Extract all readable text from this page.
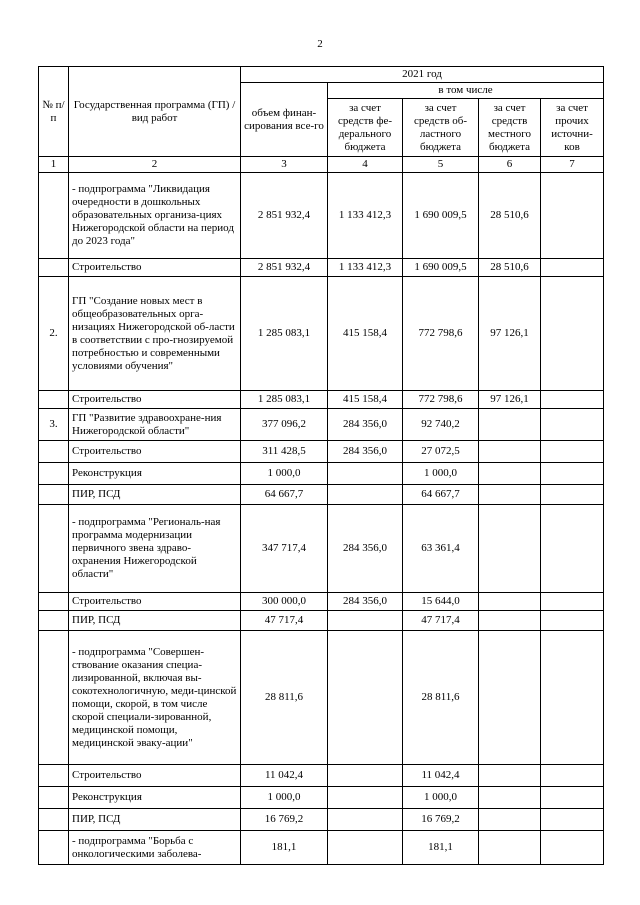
2
№ п/п	Государственная программа (ГП) / вид работ	2021 год				
		объем финан-сирования все-го	в том числе			
			за счет средств фе-дерального бюджета	за счет средств об-ластного бюджета	за счет средств местного бюджета	за счет прочих источни-ков
1	2	3	4	5	6	7
	- подпрограмма "Ликвидация очередности в дошкольных образовательных организа-циях Нижегородской области на период до 2023 года"	2 851 932,4	1 133 412,3	1 690 009,5	28 510,6	
	Строительство	2 851 932,4	1 133 412,3	1 690 009,5	28 510,6	
2.	ГП "Создание новых мест в общеобразовательных орга-низациях Нижегородской об-ласти в соответствии с про-гнозируемой потребностью и современными условиями обучения"	1 285 083,1	415 158,4	772 798,6	97 126,1	
	Строительство	1 285 083,1	415 158,4	772 798,6	97 126,1	
3.	ГП "Развитие здравоохране-ния Нижегородской области"	377 096,2	284 356,0	92 740,2		
	Строительство	311 428,5	284 356,0	27 072,5		
	Реконструкция	1 000,0		1 000,0		
	ПИР, ПСД	64 667,7		64 667,7		
	- подпрограмма "Региональ-ная программа модернизации первичного звена здраво-охранения Нижегородской области"	347 717,4	284 356,0	63 361,4		
	Строительство	300 000,0	284 356,0	15 644,0		
	ПИР, ПСД	47 717,4		47 717,4		
	- подпрограмма "Совершен-ствование оказания специа-лизированной, включая вы-сокотехнологичную, меди-цинской помощи, скорой, в том числе скорой специали-зированной, медицинской помощи, медицинской эваку-ации"	28 811,6		28 811,6		
	Строительство	11 042,4		11 042,4		
	Реконструкция	1 000,0		1 000,0		
	ПИР, ПСД	16 769,2		16 769,2		
	- подпрограмма "Борьба с онкологическими заболева-	181,1		181,1		
